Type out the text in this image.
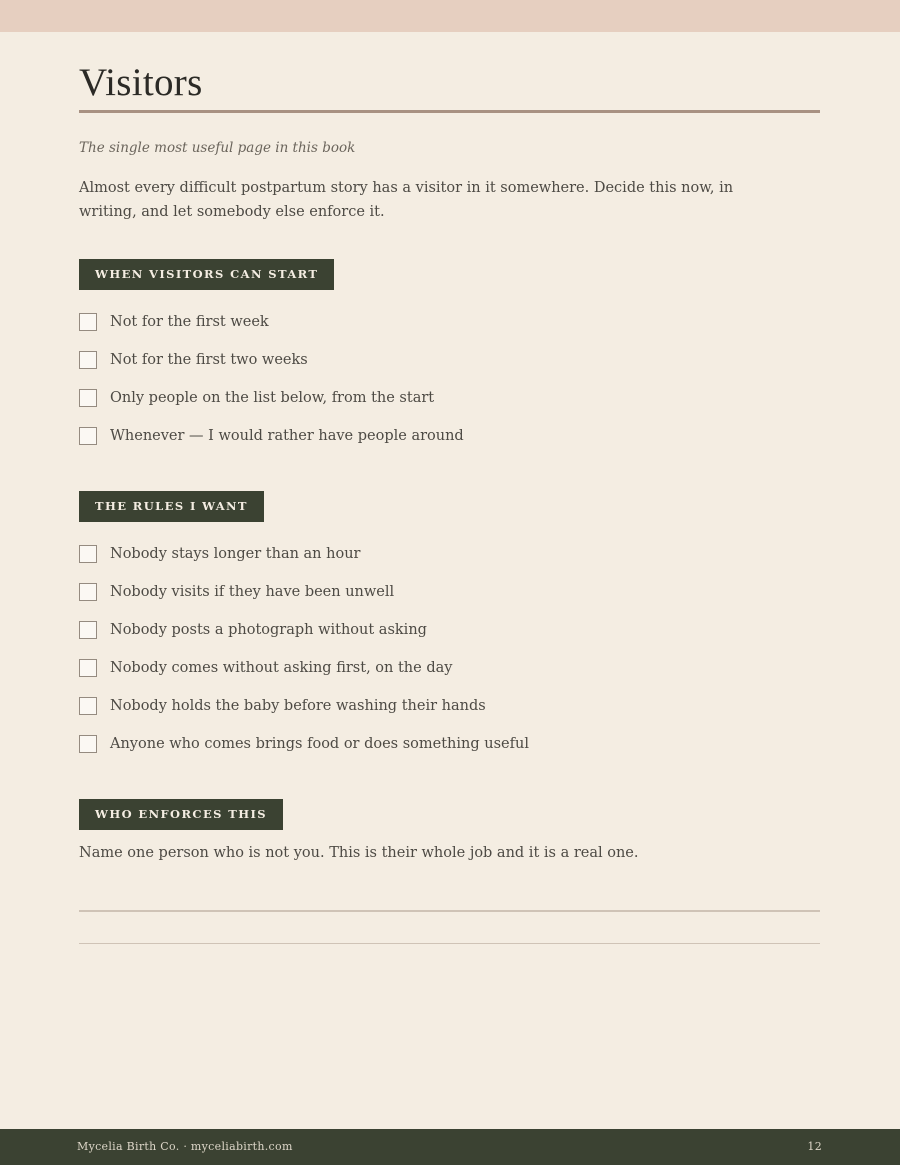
Visitors

The single most useful page in this book

Almost every difficult postpartum story has a visitor in it somewhere. Decide this now, in writing, and let somebody else enforce it.

WHEN VISITORS CAN START
Not for the first week
Not for the first two weeks
Only people on the list below, from the start
Whenever — I would rather have people around
THE RULES I WANT
Nobody stays longer than an hour
Nobody visits if they have been unwell
Nobody posts a photograph without asking
Nobody comes without asking first, on the day
Nobody holds the baby before washing their hands
Anyone who comes brings food or does something useful
WHO ENFORCES THIS

Name one person who is not you. This is their whole job and it is a real one.

Mycelia Birth Co. · myceliabirth.com	12
